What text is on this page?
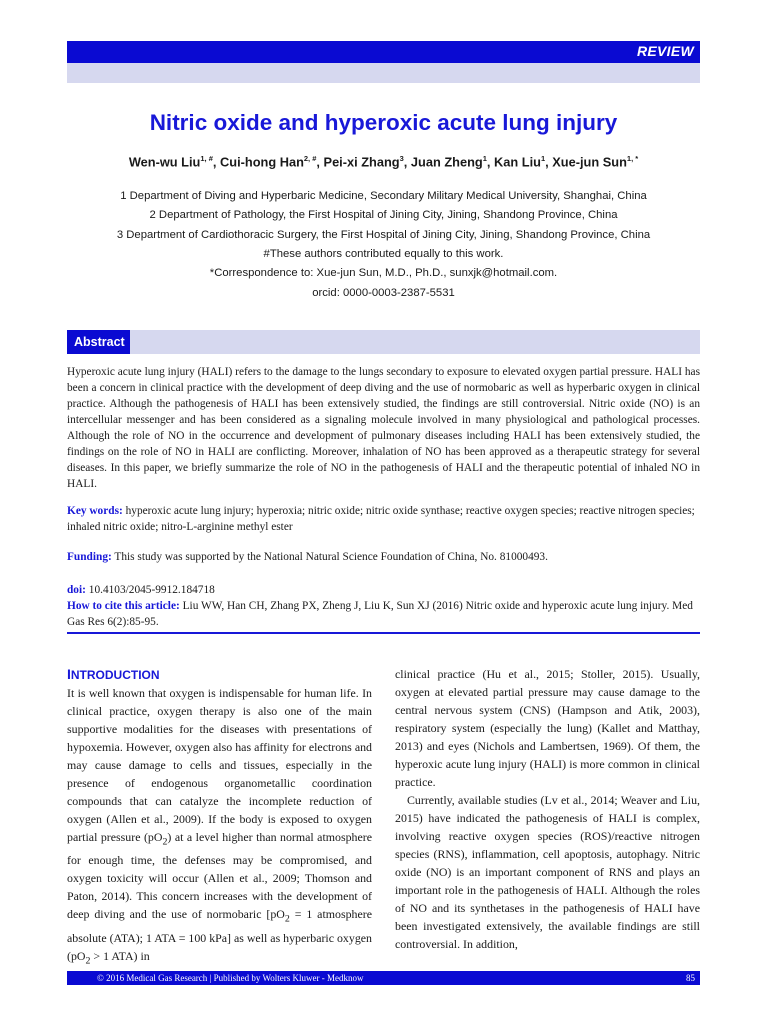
REVIEW
Nitric oxide and hyperoxic acute lung injury
Wen-wu Liu$^{1, \#}$, Cui-hong Han$^{2, \#}$, Pei-xi Zhang$^3$, Juan Zheng$^1$, Kan Liu$^1$, Xue-jun Sun$^{1, *}$
1 Department of Diving and Hyperbaric Medicine, Secondary Military Medical University, Shanghai, China
2 Department of Pathology, the First Hospital of Jining City, Jining, Shandong Province, China
3 Department of Cardiothoracic Surgery, the First Hospital of Jining City, Jining, Shandong Province, China
#These authors contributed equally to this work.
*Correspondence to: Xue-jun Sun, M.D., Ph.D., sunxjk@hotmail.com.
orcid: 0000-0003-2387-5531
Abstract

Hyperoxic acute lung injury (HALI) refers to the damage to the lungs secondary to exposure to elevated oxygen partial pressure. HALI has been a concern in clinical practice with the development of deep diving and the use of normobaric as well as hyperbaric oxygen in clinical practice. Although the pathogenesis of HALI has been extensively studied, the findings are still controversial. Nitric oxide (NO) is an intercellular messenger and has been considered as a signaling molecule involved in many physiological and pathological processes. Although the role of NO in the occurrence and development of pulmonary diseases including HALI has been extensively studied, the findings on the role of NO in HALI are conflicting. Moreover, inhalation of NO has been approved as a therapeutic strategy for several diseases. In this paper, we briefly summarize the role of NO in the pathogenesis of HALI and the therapeutic potential of inhaled NO in HALI.

Key words: hyperoxic acute lung injury; hyperoxia; nitric oxide; nitric oxide synthase; reactive oxygen species; reactive nitrogen species; inhaled nitric oxide; nitro-L-arginine methyl ester

Funding: This study was supported by the National Natural Science Foundation of China, No. 81000493.

doi: 10.4103/2045-9912.184718

How to cite this article: Liu WW, Han CH, Zhang PX, Zheng J, Liu K, Sun XJ (2016) Nitric oxide and hyperoxic acute lung injury. Med Gas Res 6(2):85-95.

INTRODUCTION
It is well known that oxygen is indispensable for human life. In clinical practice, oxygen therapy is also one of the main supportive modalities for the diseases with presentations of hypoxemia. However, oxygen also has affinity for electrons and may cause damage to cells and tissues, especially in the presence of endogenous organometallic coordination compounds that can catalyze the incomplete reduction of oxygen (Allen et al., 2009). If the body is exposed to oxygen partial pressure $(pO_2)$ at a level higher than normal atmosphere for enough time, the defenses may be compromised, and oxygen toxicity will occur (Allen et al., 2009; Thomson and Paton, 2014). This concern increases with the development of deep diving and the use of normobaric [$pO_2 = 1$ atmosphere absolute (ATA); 1 ATA = 100 kPa] as well as hyperbaric oxygen ($pO_2 > 1$ ATA) in
clinical practice (Hu et al., 2015; Stoller, 2015). Usually, oxygen at elevated partial pressure may cause damage to the central nervous system (CNS) (Hampson and Atik, 2003), respiratory system (especially the lung) (Kallet and Matthay, 2013) and eyes (Nichols and Lambertsen, 1969). Of them, the hyperoxic acute lung injury (HALI) is more common in clinical practice.
Currently, available studies (Lv et al., 2014; Weaver and Liu, 2015) have indicated the pathogenesis of HALI is complex, involving reactive oxygen species (ROS)/reactive nitrogen species (RNS), inflammation, cell apoptosis, autophagy. Nitric oxide (NO) is an important component of RNS and plays an important role in the pathogenesis of HALI. Although the roles of NO and its synthetases in the pathogenesis of HALI have been investigated extensively, the available findings are still controversial. In addition,
© 2016 Medical Gas Research | Published by Wolters Kluwer - Medknow	85
